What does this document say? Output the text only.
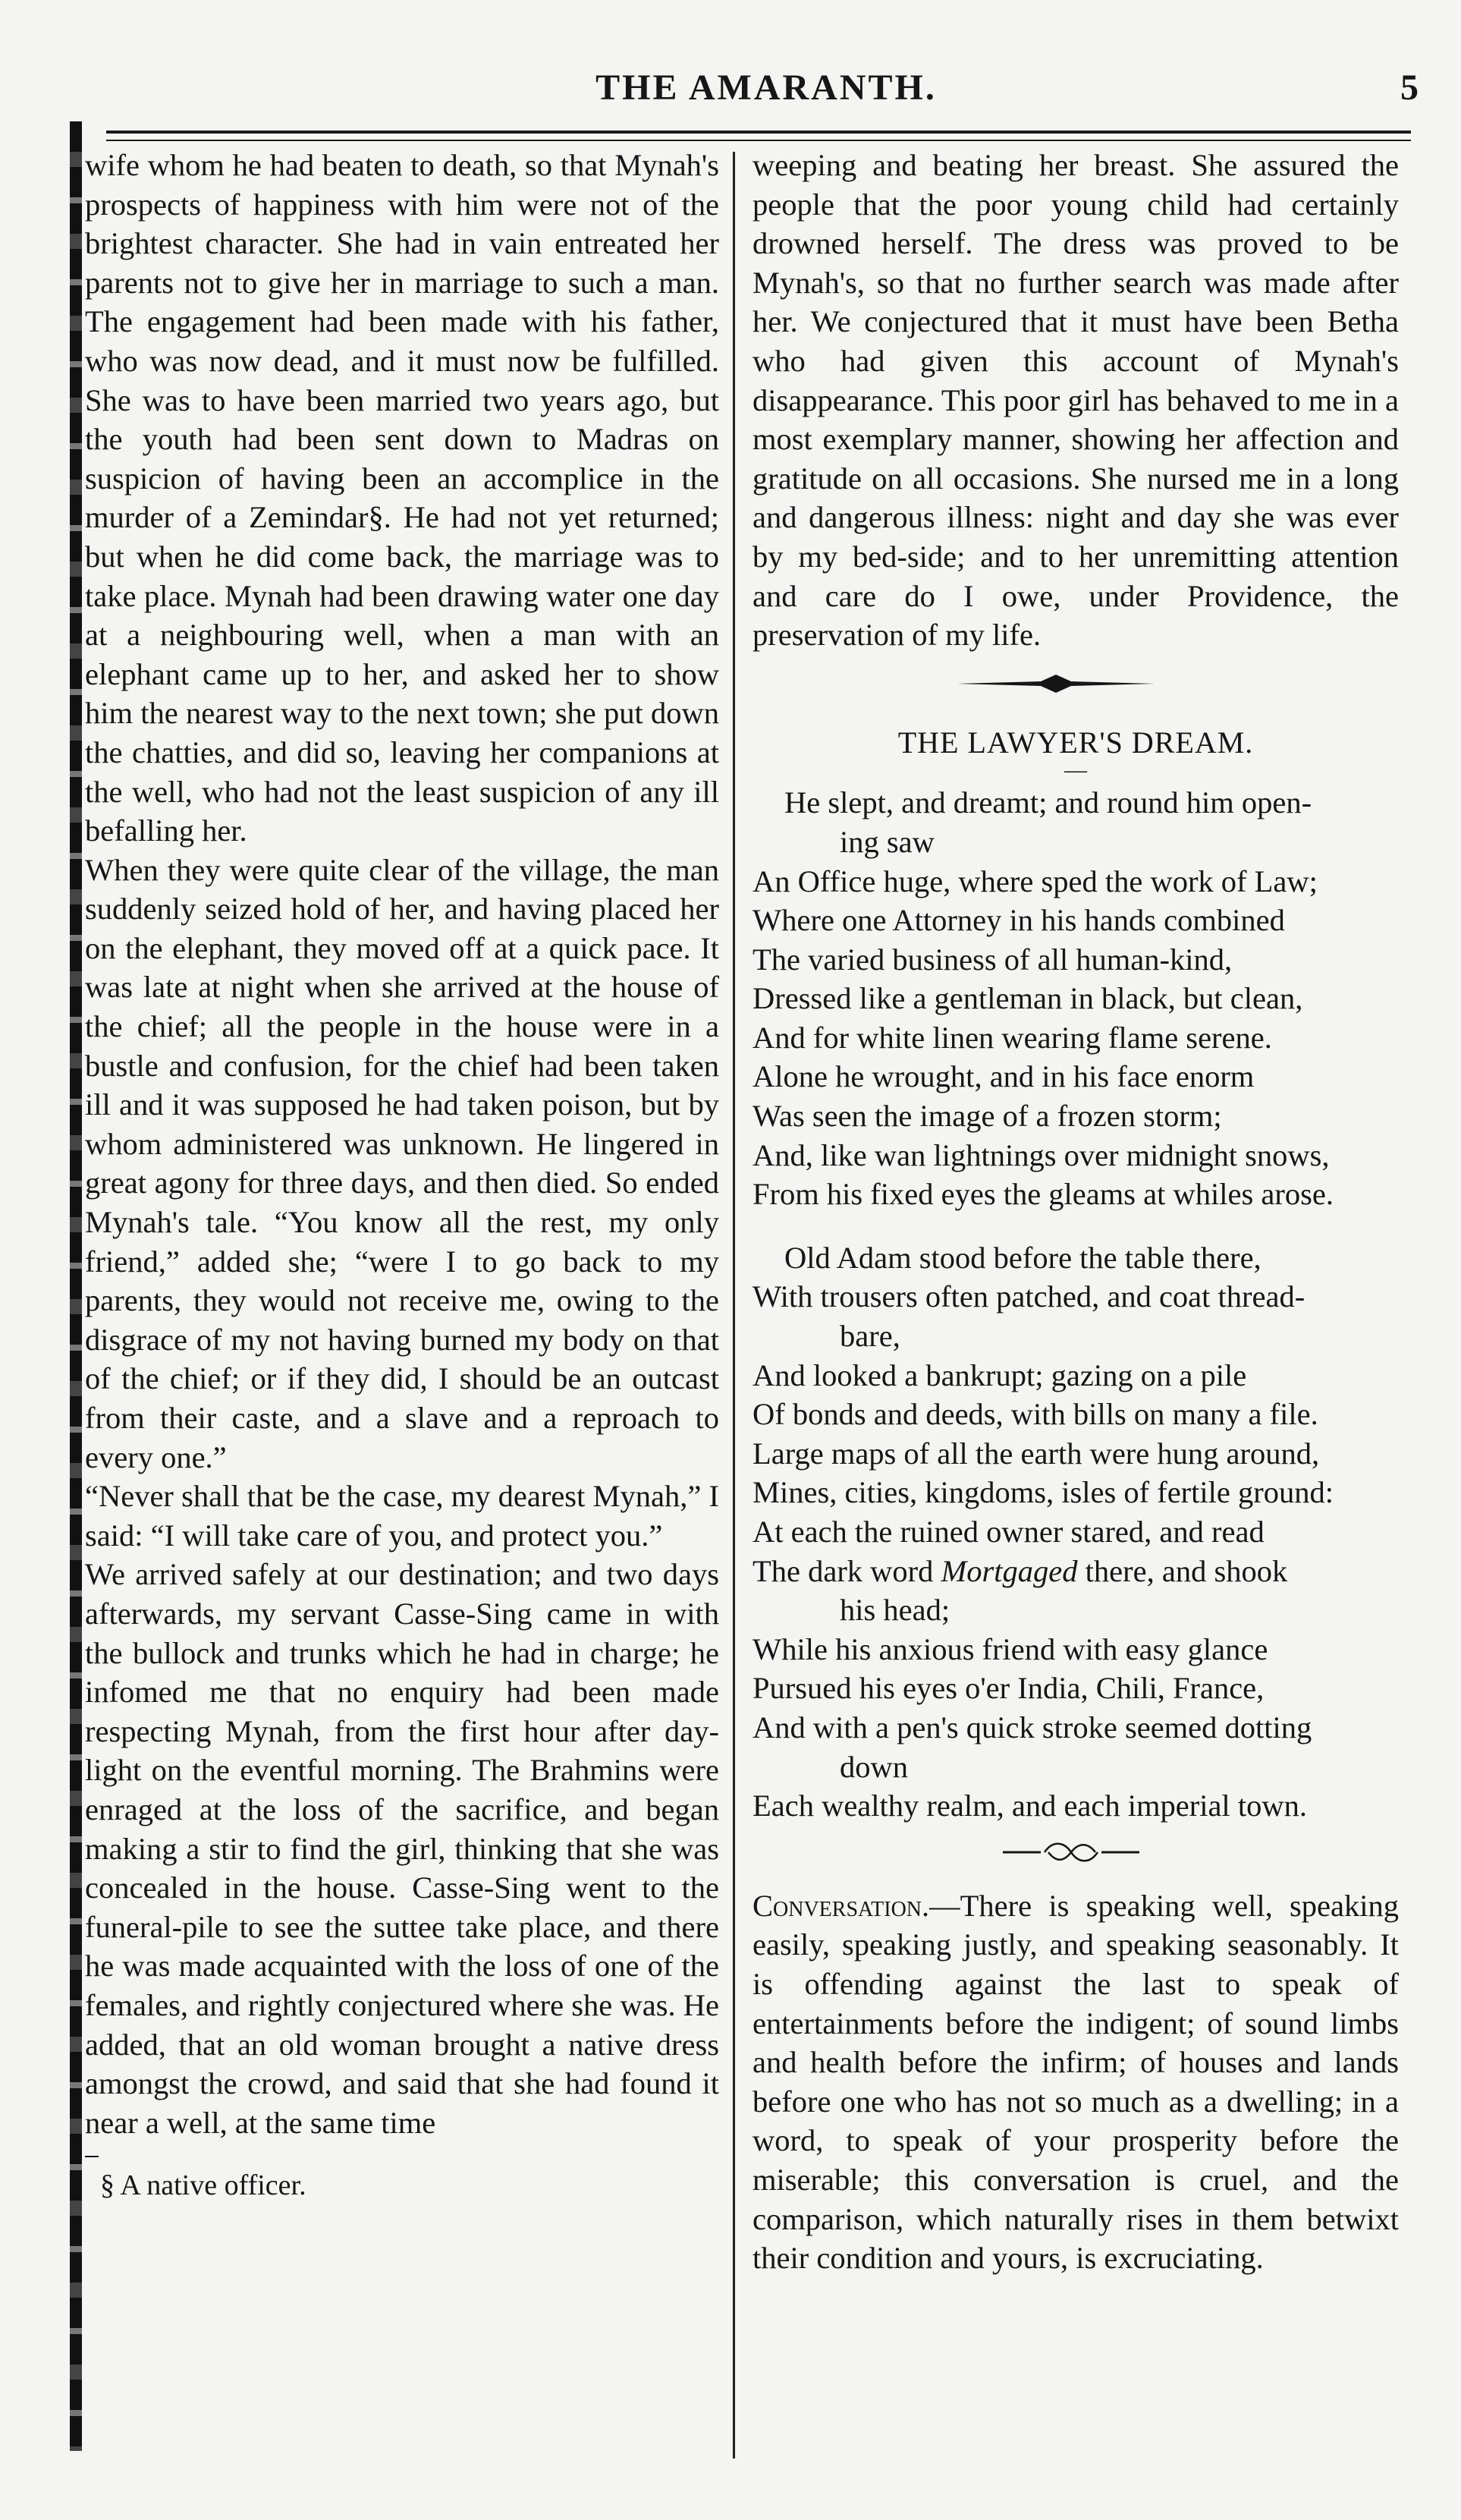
THE AMARANTH.	5

wife whom he had beaten to death, so that Mynah's prospects of happiness with him were not of the brightest character. She had in vain entreated her parents not to give her in marriage to such a man. The engagement had been made with his father, who was now dead, and it must now be fulfilled. She was to have been married two years ago, but the youth had been sent down to Madras on suspicion of having been an accomplice in the murder of a Zemindar§. He had not yet returned; but when he did come back, the marriage was to take place. Mynah had been drawing water one day at a neighbouring well, when a man with an elephant came up to her, and asked her to show him the nearest way to the next town; she put down the chatties, and did so, leaving her companions at the well, who had not the least suspicion of any ill befalling her.

When they were quite clear of the village, the man suddenly seized hold of her, and having placed her on the elephant, they moved off at a quick pace. It was late at night when she arrived at the house of the chief; all the people in the house were in a bustle and confusion, for the chief had been taken ill and it was supposed he had taken poison, but by whom administered was unknown. He lingered in great agony for three days, and then died. So ended Mynah's tale. “You know all the rest, my only friend,” added she; “were I to go back to my parents, they would not receive me, owing to the disgrace of my not having burned my body on that of the chief; or if they did, I should be an outcast from their caste, and a slave and a reproach to every one.”

“Never shall that be the case, my dearest Mynah,” I said: “I will take care of you, and protect you.”

We arrived safely at our destination; and two days afterwards, my servant Casse-Sing came in with the bullock and trunks which he had in charge; he infomed me that no enquiry had been made respecting Mynah, from the first hour after day-light on the eventful morning. The Brahmins were enraged at the loss of the sacrifice, and began making a stir to find the girl, thinking that she was concealed in the house. Casse-Sing went to the funeral-pile to see the suttee take place, and there he was made acquainted with the loss of one of the females, and rightly conjectured where she was. He added, that an old woman brought a native dress amongst the crowd, and said that she had found it near a well, at the same time

§ A native officer.

weeping and beating her breast. She assured the people that the poor young child had certainly drowned herself. The dress was proved to be Mynah's, so that no further search was made after her. We conjectured that it must have been Betha who had given this account of Mynah's disappearance. This poor girl has behaved to me in a most exemplary manner, showing her affection and gratitude on all occasions. She nursed me in a long and dangerous illness: night and day she was ever by my bed-side; and to her unremitting attention and care do I owe, under Providence, the preservation of my life.

THE LAWYER'S DREAM.
—
He slept, and dreamt; and round him open-
ing saw
An Office huge, where sped the work of Law;
Where one Attorney in his hands combined
The varied business of all human-kind,
Dressed like a gentleman in black, but clean,
And for white linen wearing flame serene.
Alone he wrought, and in his face enorm
Was seen the image of a frozen storm;
And, like wan lightnings over midnight snows,
From his fixed eyes the gleams at whiles arose.
Old Adam stood before the table there,
With trousers often patched, and coat thread-
bare,
And looked a bankrupt; gazing on a pile
Of bonds and deeds, with bills on many a file.
Large maps of all the earth were hung around,
Mines, cities, kingdoms, isles of fertile ground:
At each the ruined owner stared, and read
The dark word Mortgaged there, and shook
his head;
While his anxious friend with easy glance
Pursued his eyes o'er India, Chili, France,
And with a pen's quick stroke seemed dotting
down
Each wealthy realm, and each imperial town.

Conversation.—There is speaking well, speaking easily, speaking justly, and speaking seasonably. It is offending against the last to speak of entertainments before the indigent; of sound limbs and health before the infirm; of houses and lands before one who has not so much as a dwelling; in a word, to speak of your prosperity before the miserable; this conversation is cruel, and the comparison, which naturally rises in them betwixt their condition and yours, is excruciating.
